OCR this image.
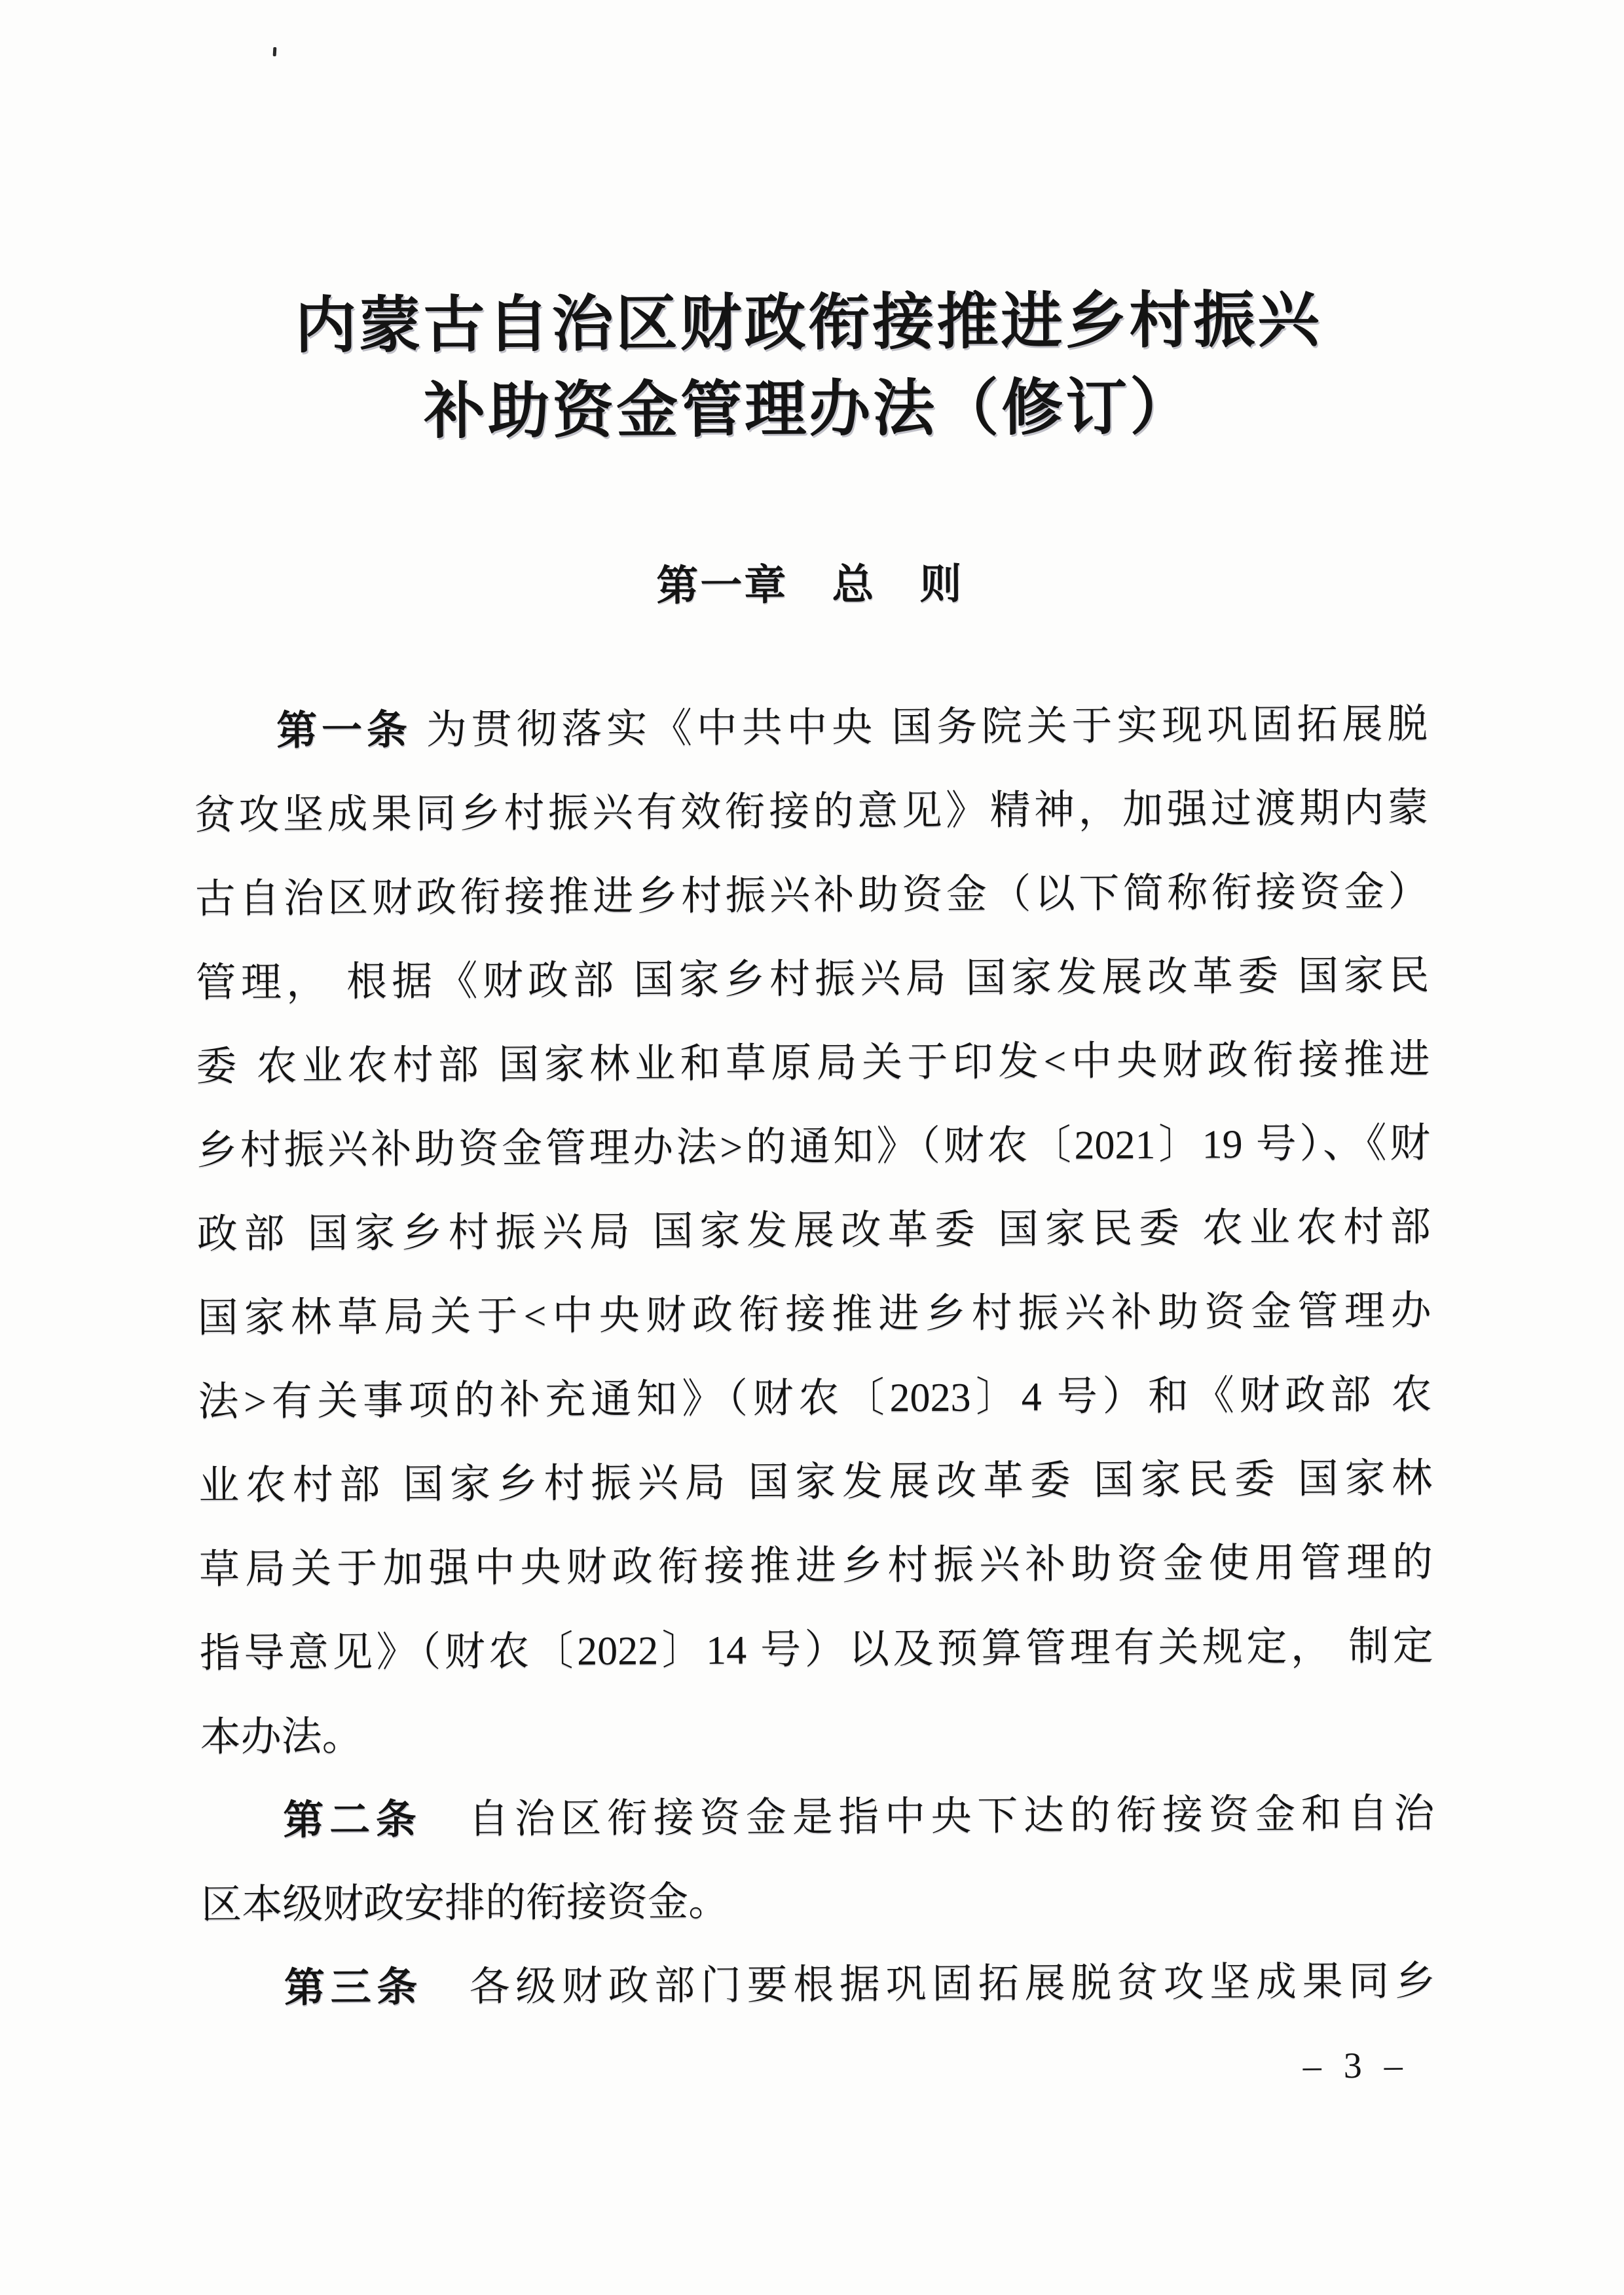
内蒙古自治区财政衔接推进乡村振兴
补助资金管理办法（修订）
第一章　总　则
第一条 为贯彻落实《中共中央 国务院关于实现巩固拓展脱
贫攻坚成果同乡村振兴有效衔接的意见》精神，加强过渡期内蒙
古自治区财政衔接推进乡村振兴补助资金（以下简称衔接资金）
管理， 根据《财政部 国家乡村振兴局 国家发展改革委 国家民
委 农业农村部 国家林业和草原局关于印发<中央财政衔接推进
乡村振兴补助资金管理办法>的通知》（财农〔2021〕19 号）、《财
政部 国家乡村振兴局 国家发展改革委 国家民委 农业农村部
国家林草局关于<中央财政衔接推进乡村振兴补助资金管理办
法>有关事项的补充通知》（财农〔2023〕4 号）和《财政部 农
业农村部 国家乡村振兴局 国家发展改革委 国家民委 国家林
草局关于加强中央财政衔接推进乡村振兴补助资金使用管理的
指导意见》（财农〔2022〕14 号）以及预算管理有关规定， 制定
本办法。
第二条　自治区衔接资金是指中央下达的衔接资金和自治
区本级财政安排的衔接资金。
第三条　各级财政部门要根据巩固拓展脱贫攻坚成果同乡
– 3 –
